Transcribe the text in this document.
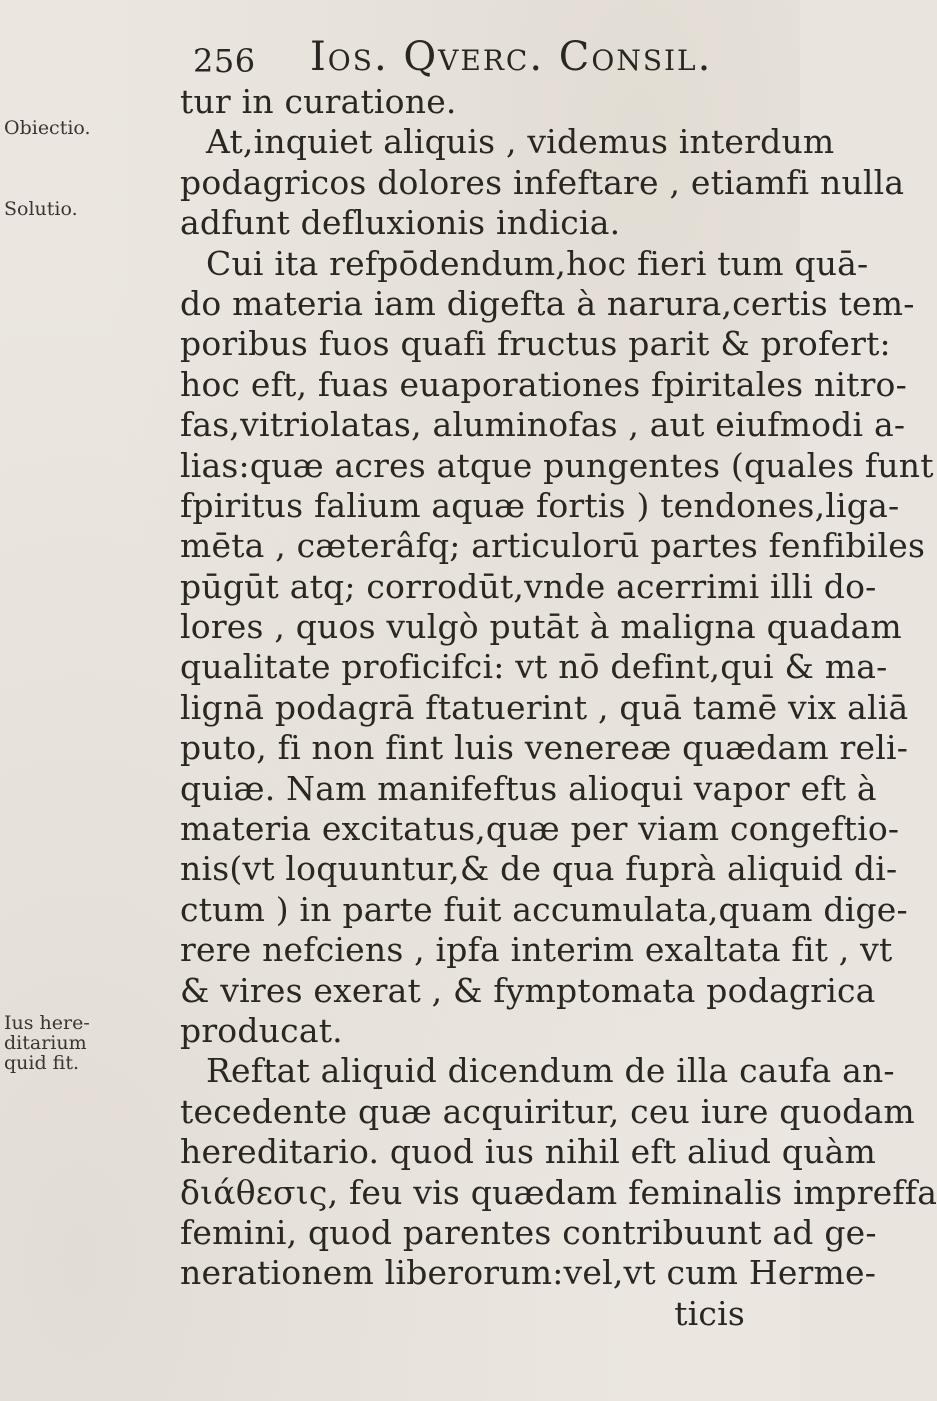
256 Ios. Qverc. Consil.
Obiectio.
Solutio.
Ius here-
ditarium
quid fit.
tur in curatione.
At,inquiet aliquis , videmus interdum
podagricos dolores infeftare , etiamfi nulla
adfunt defluxionis indicia.
Cui ita refpōdendum,hoc fieri tum quā-
do materia iam digefta à narura,certis tem-
poribus fuos quafi fructus parit & profert:
hoc eft, fuas euaporationes fpiritales nitro-
fas,vitriolatas, aluminofas , aut eiufmodi a-
lias:quæ acres atque pungentes (quales funt
fpiritus falium aquæ fortis ) tendones,liga-
mēta , cæterâfq; articulorū partes fenfibiles
pūgūt atq; corrodūt,vnde acerrimi illi do-
lores , quos vulgò putāt à maligna quadam
qualitate proficifci: vt nō defint,qui & ma-
lignā podagrā ftatuerint , quā tamē vix aliā
puto, fi non fint luis venereæ quædam reli-
quiæ. Nam manifeftus alioqui vapor eft à
materia excitatus,quæ per viam congeftio-
nis(vt loquuntur,& de qua fuprà aliquid di-
ctum ) in parte fuit accumulata,quam dige-
rere nefciens , ipfa interim exaltata fit , vt
& vires exerat , & fymptomata podagrica
producat.
Reftat aliquid dicendum de illa caufa an-
tecedente quæ acquiritur, ceu iure quodam
hereditario. quod ius nihil eft aliud quàm
διάθεσις, feu vis quædam feminalis impreffa
femini, quod parentes contribuunt ad ge-
nerationem liberorum:vel,vt cum Herme-
ticis
